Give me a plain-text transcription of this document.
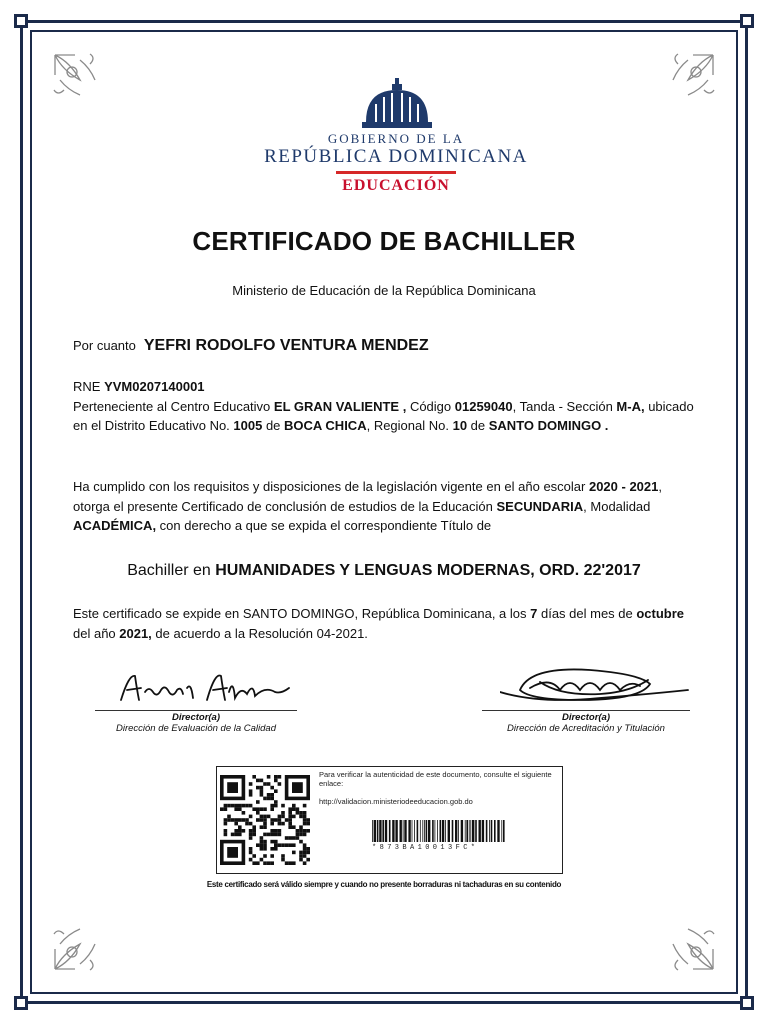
GOBIERNO DE LA
REPÚBLICA DOMINICANA
EDUCACIÓN
CERTIFICADO DE BACHILLER
Ministerio de Educación de la República Dominicana
Por cuanto YEFRI RODOLFO VENTURA MENDEZ
RNE YVM0207140001
Perteneciente al Centro Educativo EL GRAN VALIENTE , Código 01259040, Tanda - Sección M-A, ubicado en el Distrito Educativo No. 1005 de BOCA CHICA, Regional No. 10 de SANTO DOMINGO .
Ha cumplido con los requisitos y disposiciones de la legislación vigente en el año escolar 2020 - 2021, otorga el presente Certificado de conclusión de estudios de la Educación SECUNDARIA, Modalidad ACADÉMICA, con derecho a que se expida el correspondiente Título de
Bachiller en HUMANIDADES Y LENGUAS MODERNAS, ORD. 22'2017
Este certificado se expide en SANTO DOMINGO, República Dominicana, a los 7 días del mes de octubre del año 2021, de acuerdo a la Resolución 04-2021.
Director(a)
Dirección de Evaluación de la Calidad
Director(a)
Dirección de Acreditación y Titulación
Para verificar la autenticidad de este documento, consulte el siguiente enlace:
http://validacion.ministeriodeeducacion.gob.do
*873BA10013FC*
Este certificado será válido siempre y cuando no presente borraduras ni tachaduras en su contenido
